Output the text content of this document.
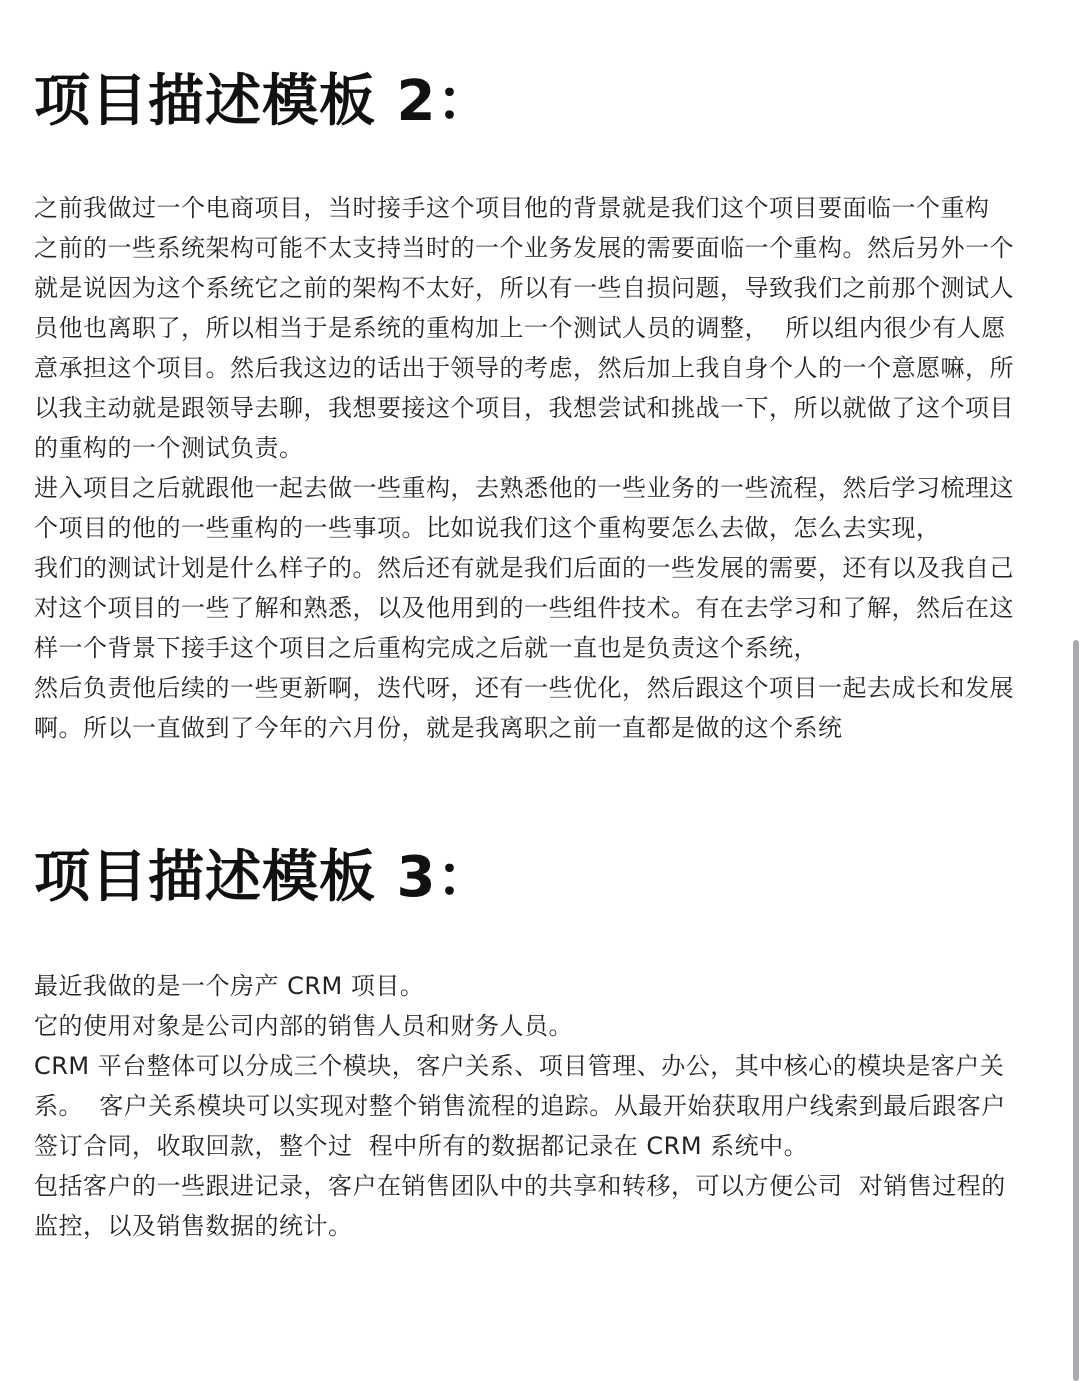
项目描述模板 2：
之前我做过一个电商项目，当时接手这个项目他的背景就是我们这个项目要面临一个重构
之前的一些系统架构可能不太支持当时的一个业务发展的需要面临一个重构。然后另外一个
就是说因为这个系统它之前的架构不太好，所以有一些自损问题，导致我们之前那个测试人
员他也离职了，所以相当于是系统的重构加上一个测试人员的调整，  所以组内很少有人愿
意承担这个项目。然后我这边的话出于领导的考虑，然后加上我自身个人的一个意愿嘛，所
以我主动就是跟领导去聊，我想要接这个项目，我想尝试和挑战一下，所以就做了这个项目
的重构的一个测试负责。
进入项目之后就跟他一起去做一些重构，去熟悉他的一些业务的一些流程，然后学习梳理这
个项目的他的一些重构的一些事项。比如说我们这个重构要怎么去做，怎么去实现，
我们的测试计划是什么样子的。然后还有就是我们后面的一些发展的需要，还有以及我自己
对这个项目的一些了解和熟悉，以及他用到的一些组件技术。有在去学习和了解，然后在这
样一个背景下接手这个项目之后重构完成之后就一直也是负责这个系统，
然后负责他后续的一些更新啊，迭代呀，还有一些优化，然后跟这个项目一起去成长和发展
啊。所以一直做到了今年的六月份，就是我离职之前一直都是做的这个系统
项目描述模板 3：
最近我做的是一个房产 CRM 项目。
它的使用对象是公司内部的销售人员和财务人员。
CRM 平台整体可以分成三个模块，客户关系、项目管理、办公，其中核心的模块是客户关
系。  客户关系模块可以实现对整个销售流程的追踪。从最开始获取用户线索到最后跟客户
签订合同，收取回款，整个过  程中所有的数据都记录在 CRM 系统中。
包括客户的一些跟进记录，客户在销售团队中的共享和转移，可以方便公司  对销售过程的
监控，以及销售数据的统计。
